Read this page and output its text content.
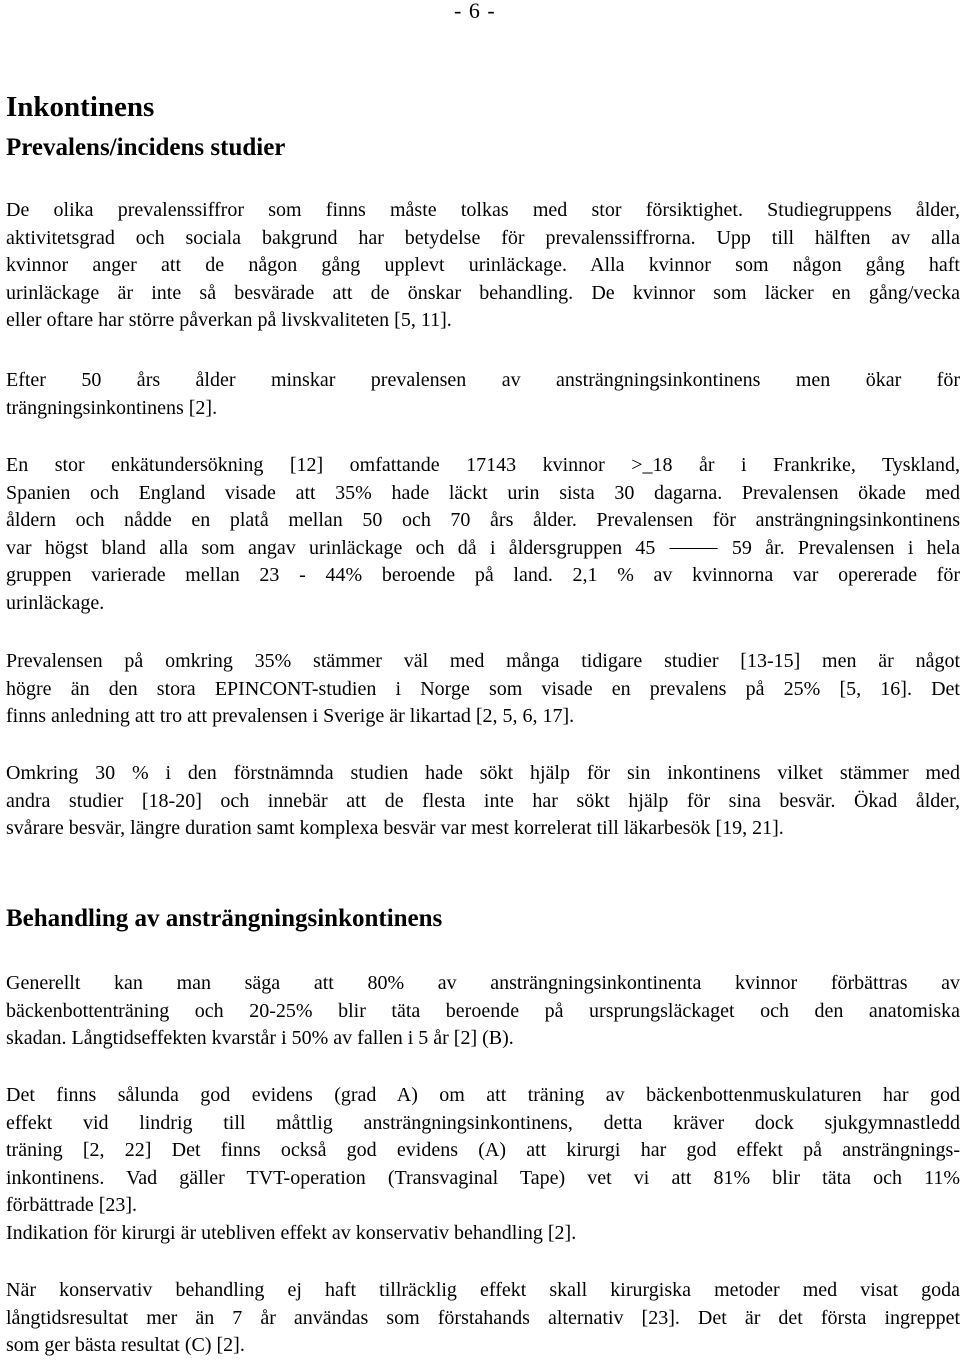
- 6 -
Inkontinens
Prevalens/incidens studier
De olika prevalenssiffror som finns måste tolkas med stor försiktighet. Studiegruppens ålder,
aktivitetsgrad och sociala bakgrund har betydelse för prevalenssiffrorna. Upp till hälften av alla
kvinnor anger att de någon gång upplevt urinläckage. Alla kvinnor som någon gång haft
urinläckage är inte så besvärade att de önskar behandling. De kvinnor som läcker en gång/vecka
eller oftare har större påverkan på livskvaliteten [5, 11].
Efter 50 års ålder minskar prevalensen av ansträngningsinkontinens men ökar för
trängningsinkontinens [2].
En stor enkätundersökning [12] omfattande 17143 kvinnor >_18 år i Frankrike, Tyskland,
Spanien och England visade att 35% hade läckt urin sista 30 dagarna. Prevalensen ökade med
åldern och nådde en platå mellan 50 och 70 års ålder. Prevalensen för ansträngningsinkontinens
var högst bland alla som angav urinläckage och då i åldersgruppen 45 ⸻ 59 år. Prevalensen i hela
gruppen varierade mellan 23 - 44% beroende på land. 2,1 % av kvinnorna var opererade för
urinläckage.
Prevalensen på omkring 35% stämmer väl med många tidigare studier [13-15] men är något
högre än den stora EPINCONT-studien i Norge som visade en prevalens på 25% [5, 16]. Det
finns anledning att tro att prevalensen i Sverige är likartad [2, 5, 6, 17].
Omkring 30 % i den förstnämnda studien hade sökt hjälp för sin inkontinens vilket stämmer med
andra studier [18-20] och innebär att de flesta inte har sökt hjälp för sina besvär. Ökad ålder,
svårare besvär, längre duration samt komplexa besvär var mest korrelerat till läkarbesök [19, 21].
Behandling av ansträngningsinkontinens
Generellt kan man säga att 80% av ansträngningsinkontinenta kvinnor förbättras av
bäckenbottenträning och 20-25% blir täta beroende på ursprungsläckaget och den anatomiska
skadan. Långtidseffekten kvarstår i 50% av fallen i 5 år [2] (B).
Det finns sålunda god evidens (grad A) om att träning av bäckenbottenmuskulaturen har god
effekt vid lindrig till måttlig ansträngningsinkontinens, detta kräver dock sjukgymnastledd
träning [2, 22] Det finns också god evidens (A) att kirurgi har god effekt på ansträngnings-
inkontinens. Vad gäller TVT-operation (Transvaginal Tape) vet vi att 81% blir täta och 11%
förbättrade [23].
Indikation för kirurgi är utebliven effekt av konservativ behandling [2].
När konservativ behandling ej haft tillräcklig effekt skall kirurgiska metoder med visat goda
långtidsresultat mer än 7 år användas som förstahands alternativ [23]. Det är det första ingreppet
som ger bästa resultat (C) [2].
